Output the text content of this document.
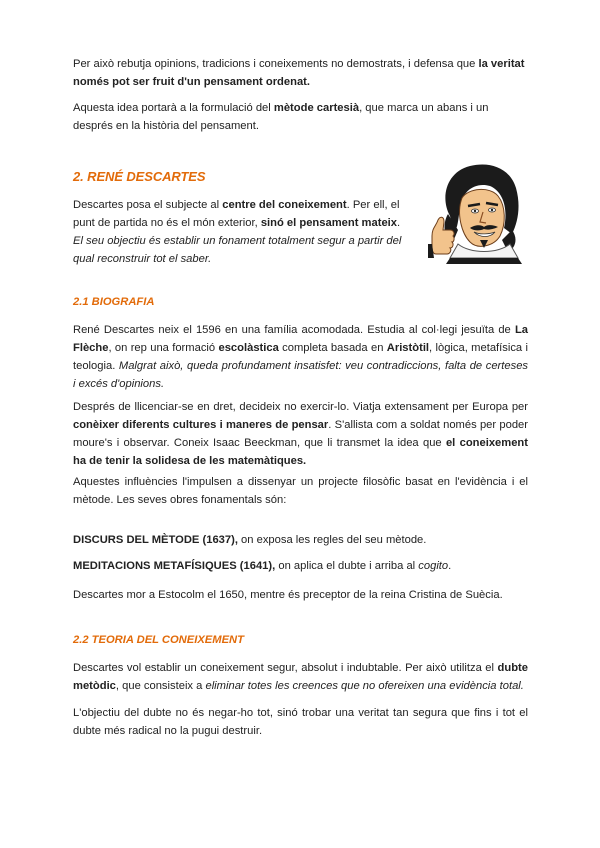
Per això rebutja opinions, tradicions i coneixements no demostrats, i defensa que la veritat només pot ser fruit d'un pensament ordenat.

Aquesta idea portarà a la formulació del mètode cartesià, que marca un abans i un després en la història del pensament.

2. RENÉ DESCARTES

Descartes posa el subjecte al centre del coneixement. Per ell, el punt de partida no és el món exterior, sinó el pensament mateix.
El seu objectiu és establir un fonament totalment segur a partir del qual reconstruir tot el saber.

2.1 BIOGRAFIA

René Descartes neix el 1596 en una família acomodada. Estudia al col·legi jesuïta de La Flèche, on rep una formació escolàstica completa basada en Aristòtil, lògica, metafísica i teologia. Malgrat això, queda profundament insatisfet: veu contradiccions, falta de certeses i excés d'opinions.

Després de llicenciar-se en dret, decideix no exercir-lo. Viatja extensament per Europa per conèixer diferents cultures i maneres de pensar. S'allista com a soldat només per poder moure's i observar. Coneix Isaac Beeckman, que li transmet la idea que el coneixement ha de tenir la solidesa de les matemàtiques.

Aquestes influències l'impulsen a dissenyar un projecte filosòfic basat en l'evidència i el mètode. Les seves obres fonamentals són:

DISCURS DEL MÈTODE (1637), on exposa les regles del seu mètode.

MEDITACIONS METAFÍSIQUES (1641), on aplica el dubte i arriba al cogito.

Descartes mor a Estocolm el 1650, mentre és preceptor de la reina Cristina de Suècia.

2.2 TEORIA DEL CONEIXEMENT

Descartes vol establir un coneixement segur, absolut i indubtable. Per això utilitza el dubte metòdic, que consisteix a eliminar totes les creences que no ofereixen una evidència total.

L'objectiu del dubte no és negar-ho tot, sinó trobar una veritat tan segura que fins i tot el dubte més radical no la pugui destruir.
